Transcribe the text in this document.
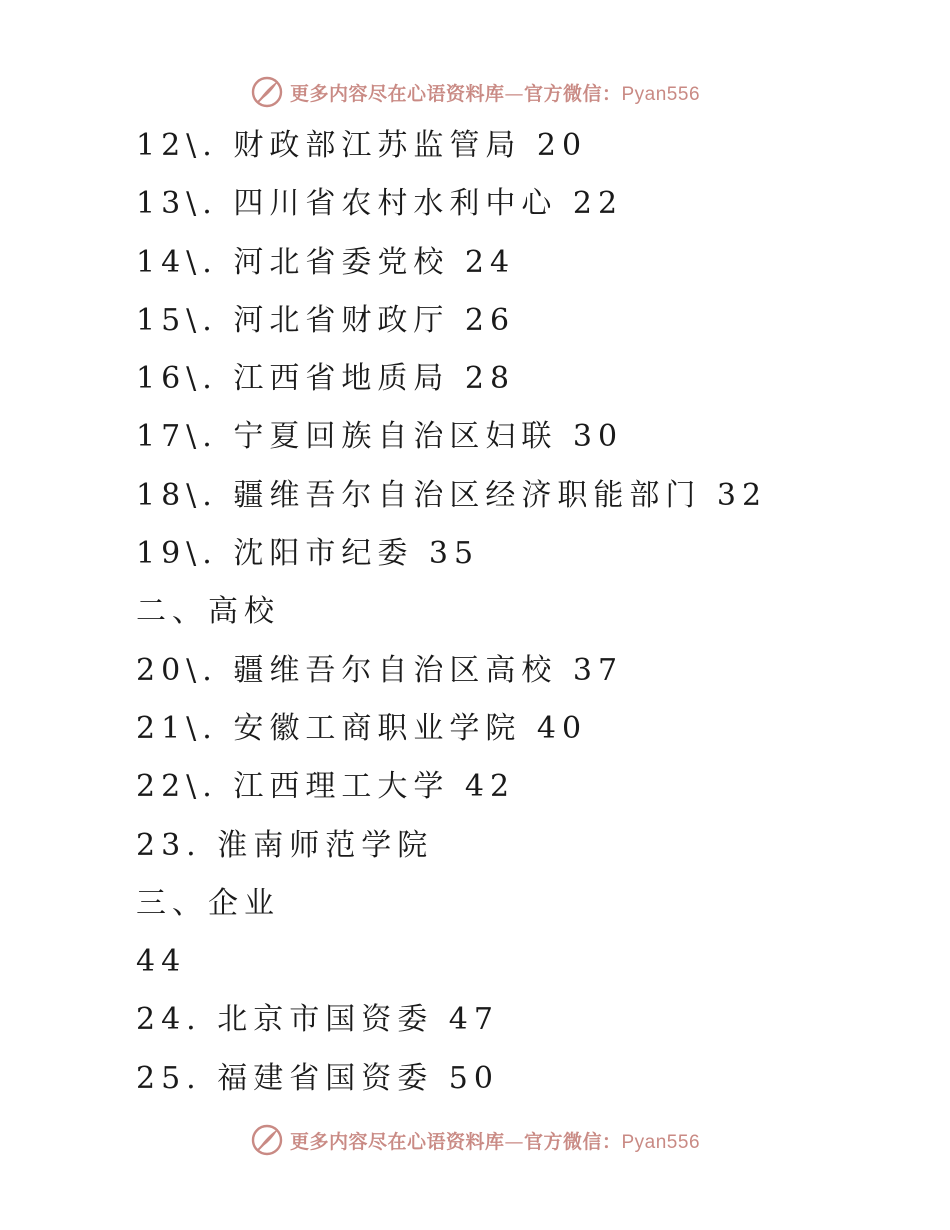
更多内容尽在心语资料库—官方微信：Pyan556
12\. 财政部江苏监管局 20
13\. 四川省农村水利中心 22
14\. 河北省委党校 24
15\. 河北省财政厅 26
16\. 江西省地质局 28
17\. 宁夏回族自治区妇联 30
18\. 疆维吾尔自治区经济职能部门 32
19\. 沈阳市纪委 35
二、高校
20\. 疆维吾尔自治区高校 37
21\. 安徽工商职业学院 40
22\. 江西理工大学 42
23. 淮南师范学院
三、企业
44
24. 北京市国资委 47
25. 福建省国资委 50
更多内容尽在心语资料库—官方微信：Pyan556
